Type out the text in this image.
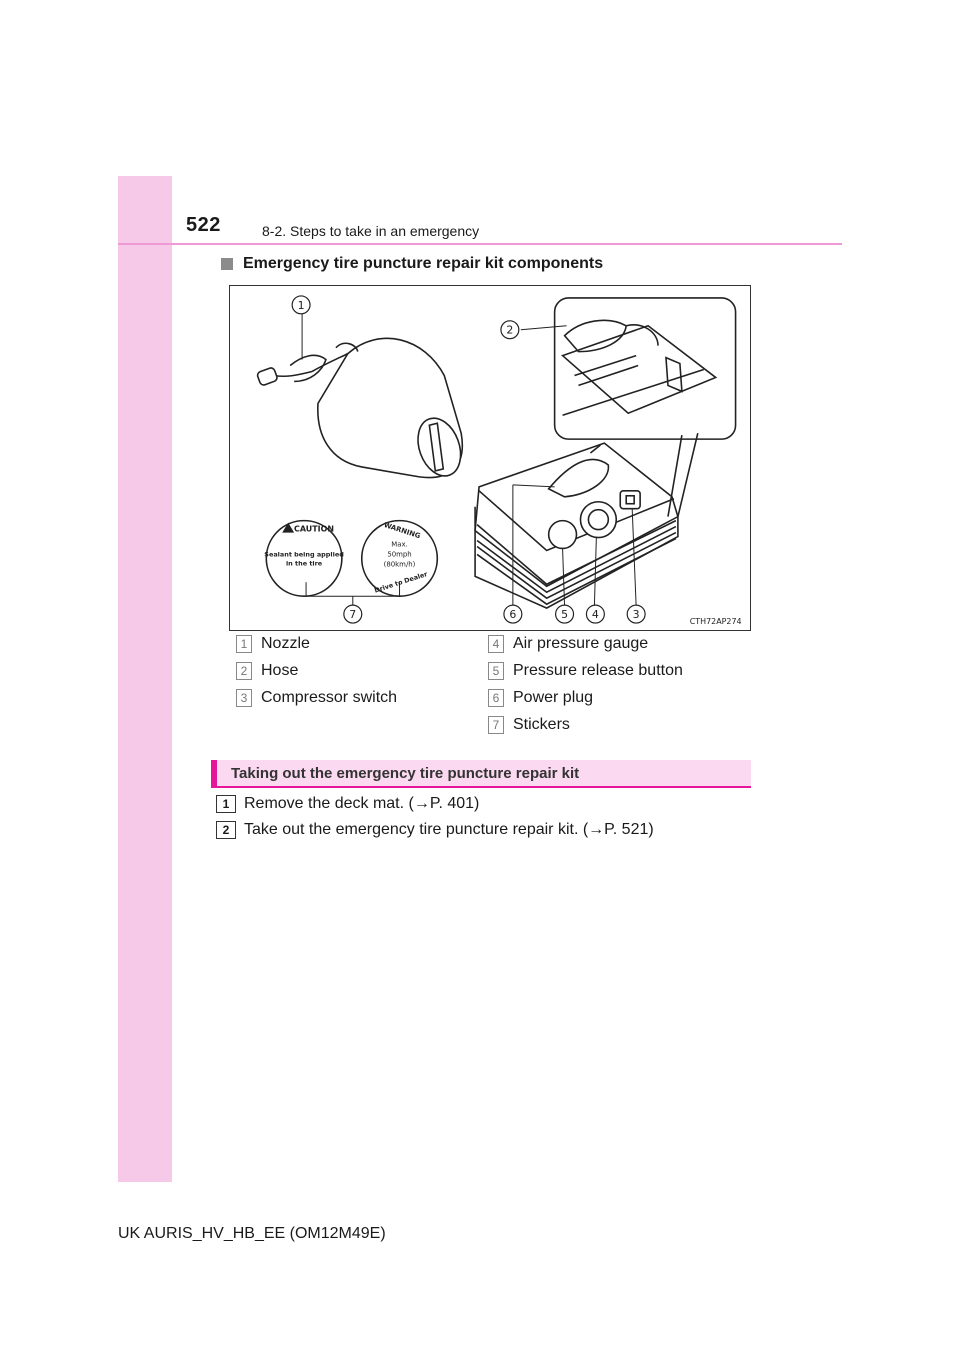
522	8-2. Steps to take in an emergency
Emergency tire puncture repair kit components
1
2
3
4
5
6
7
CAUTION
Sealant being applied
in the tire
WARNING
Max.
50mph
(80km/h)
Drive to Dealer
CTH72AP274
1 Nozzle
2 Hose
3 Compressor switch
4 Air pressure gauge
5 Pressure release button
6 Power plug
7 Stickers
Taking out the emergency tire puncture repair kit
1 Remove the deck mat. (→P. 401)
2 Take out the emergency tire puncture repair kit. (→P. 521)
UK AURIS_HV_HB_EE (OM12M49E)
